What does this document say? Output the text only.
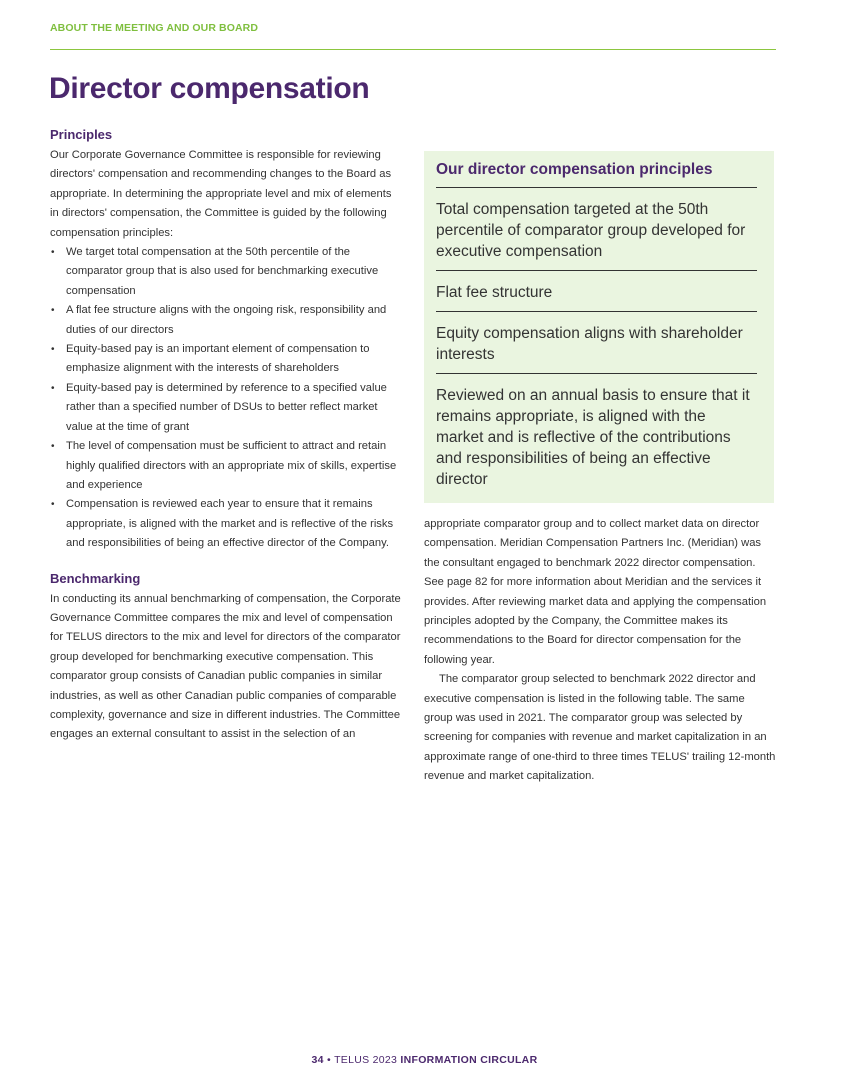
ABOUT THE MEETING AND OUR BOARD
Director compensation
Principles

Our Corporate Governance Committee is responsible for reviewing directors' compensation and recommending changes to the Board as appropriate. In determining the appropriate level and mix of elements in directors' compensation, the Committee is guided by the following compensation principles:

• We target total compensation at the 50th percentile of the comparator group that is also used for benchmarking executive compensation
• A flat fee structure aligns with the ongoing risk, responsibility and duties of our directors
• Equity-based pay is an important element of compensation to emphasize alignment with the interests of shareholders
• Equity-based pay is determined by reference to a specified value rather than a specified number of DSUs to better reflect market value at the time of grant
• The level of compensation must be sufficient to attract and retain highly qualified directors with an appropriate mix of skills, expertise and experience
• Compensation is reviewed each year to ensure that it remains appropriate, is aligned with the market and is reflective of the risks and responsibilities of being an effective director of the Company.
Benchmarking

In conducting its annual benchmarking of compensation, the Corporate Governance Committee compares the mix and level of compensation for TELUS directors to the mix and level for directors of the comparator group developed for benchmarking executive compensation. This comparator group consists of Canadian public companies in similar industries, as well as other Canadian public companies of comparable complexity, governance and size in different industries. The Committee engages an external consultant to assist in the selection of an

Our director compensation principles
Total compensation targeted at the 50th percentile of comparator group developed for executive compensation
Flat fee structure
Equity compensation aligns with shareholder interests
Reviewed on an annual basis to ensure that it remains appropriate, is aligned with the market and is reflective of the contributions and responsibilities of being an effective director

appropriate comparator group and to collect market data on director compensation. Meridian Compensation Partners Inc. (Meridian) was the consultant engaged to benchmark 2022 director compensation. See page 82 for more information about Meridian and the services it provides. After reviewing market data and applying the compensation principles adopted by the Company, the Committee makes its recommendations to the Board for director compensation for the following year.

The comparator group selected to benchmark 2022 director and executive compensation is listed in the following table. The same group was used in 2021. The comparator group was selected by screening for companies with revenue and market capitalization in an approximate range of one-third to three times TELUS' trailing 12-month revenue and market capitalization.

34 • TELUS 2023 INFORMATION CIRCULAR
